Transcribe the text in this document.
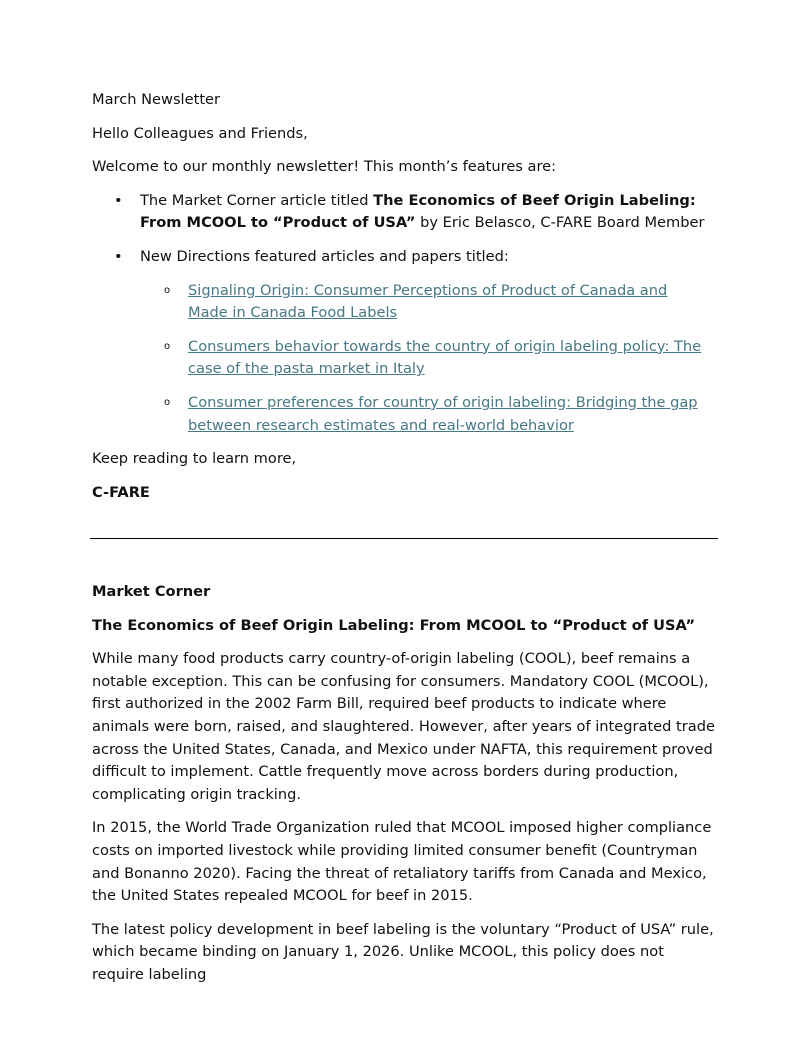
March Newsletter

Hello Colleagues and Friends,

Welcome to our monthly newsletter! This month’s features are:

• The Market Corner article titled The Economics of Beef Origin Labeling: From MCOOL to “Product of USA” by Eric Belasco, C-FARE Board Member
• New Directions featured articles and papers titled:
o Signaling Origin: Consumer Perceptions of Product of Canada and Made in Canada Food Labels
o Consumers behavior towards the country of origin labeling policy: The case of the pasta market in Italy
o Consumer preferences for country of origin labeling: Bridging the gap between research estimates and real-world behavior

Keep reading to learn more,

C-FARE

Market Corner

The Economics of Beef Origin Labeling: From MCOOL to “Product of USA”

While many food products carry country-of-origin labeling (COOL), beef remains a notable exception. This can be confusing for consumers. Mandatory COOL (MCOOL), first authorized in the 2002 Farm Bill, required beef products to indicate where animals were born, raised, and slaughtered. However, after years of integrated trade across the United States, Canada, and Mexico under NAFTA, this requirement proved difficult to implement. Cattle frequently move across borders during production, complicating origin tracking.

In 2015, the World Trade Organization ruled that MCOOL imposed higher compliance costs on imported livestock while providing limited consumer benefit (Countryman and Bonanno 2020). Facing the threat of retaliatory tariffs from Canada and Mexico, the United States repealed MCOOL for beef in 2015.

The latest policy development in beef labeling is the voluntary “Product of USA” rule, which became binding on January 1, 2026. Unlike MCOOL, this policy does not require labeling
